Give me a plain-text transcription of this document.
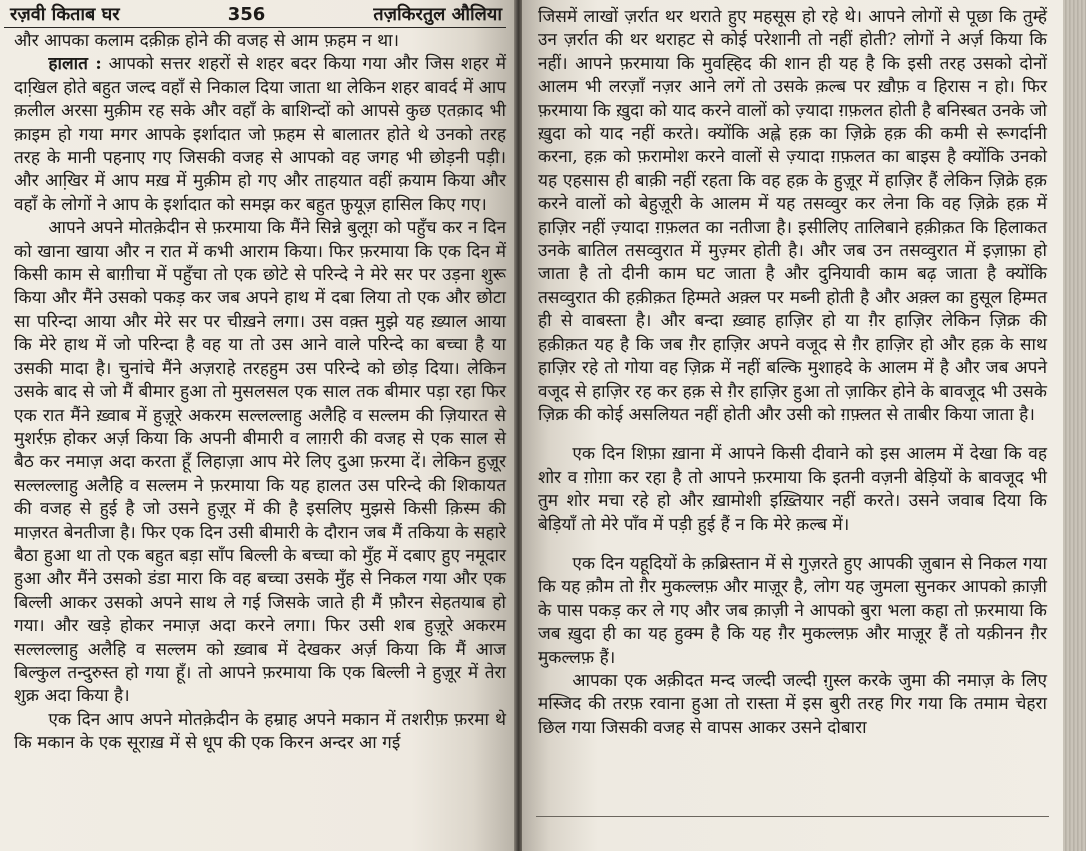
रज़वी किताब घर	356	तज़किरतुल औलिया

और आपका कलाम दक़ीक़ होने की वजह से आम फ़हम न था।

हालात : आपको सत्तर शहरों से शहर बदर किया गया और जिस शहर में दाखि़ल होते बहुत जल्द वहाँ से निकाल दिया जाता था लेकिन शहर बावर्द में आप क़लील अरसा मुक़ीम रह सके और वहाँ के बाशिन्दों को आपसे कुछ एतक़ाद भी क़ाइम हो गया मगर आपके इर्शादात जो फ़हम से बालातर होते थे उनको तरह तरह के मानी पहनाए गए जिसकी वजह से आपको वह जगह भी छोड़नी पड़ी। और आखि़र में आप मख़ में मुक़ीम हो गए और ताहयात वहीं क़याम किया और वहाँ के लोगों ने आप के इर्शादात को समझ कर बहुत फ़ुयूज़ हासिल किए गए।

आपने अपने मोतक़ेदीन से फ़रमाया कि मैंने सिन्ने बुलूग़ को पहुँच कर न दिन को खाना खाया और न रात में कभी आराम किया। फिर फ़रमाया कि एक दिन में किसी काम से बाग़ीचा में पहुँचा तो एक छोटे से परिन्दे ने मेरे सर पर उड़ना शुरू किया और मैंने उसको पकड़ कर जब अपने हाथ में दबा लिया तो एक और छोटा सा परिन्दा आया और मेरे सर पर चीख़ने लगा। उस वक़्त मुझे यह ख़्याल आया कि मेरे हाथ में जो परिन्दा है वह या तो उस आने वाले परिन्दे का बच्चा है या उसकी मादा है। चुनांचे मैंने अज़राहे तरहहुम उस परिन्दे को छोड़ दिया। लेकिन उसके बाद से जो मैं बीमार हुआ तो मुसलसल एक साल तक बीमार पड़ा रहा फिर एक रात मैंने ख़्वाब में हुज़ूरे अकरम सल्लल्लाहु अलैहि व सल्लम की ज़ियारत से मुशर्रफ़ होकर अर्ज़ किया कि अपनी बीमारी व लाग़री की वजह से एक साल से बैठ कर नमाज़ अदा करता हूँ लिहाज़ा आप मेरे लिए दुआ फ़रमा दें। लेकिन हुज़ूर सल्लल्लाहु अलैहि व सल्लम ने फ़रमाया कि यह हालत उस परिन्दे की शिकायत की वजह से हुई है जो उसने हुज़ूर में की है इसलिए मुझसे किसी क़िस्म की माज़रत बेनतीजा है। फिर एक दिन उसी बीमारी के दौरान जब मैं तकिया के सहारे बैठा हुआ था तो एक बहुत बड़ा साँप बिल्ली के बच्चा को मुँह में दबाए हुए नमूदार हुआ और मैंने उसको डंडा मारा कि वह बच्चा उसके मुँह से निकल गया और एक बिल्ली आकर उसको अपने साथ ले गई जिसके जाते ही मैं फ़ौरन सेहतयाब हो गया। और खड़े होकर नमाज़ अदा करने लगा। फिर उसी शब हुज़ूरे अकरम सल्लल्लाहु अलैहि व सल्लम को ख़्वाब में देखकर अर्ज़ किया कि मैं आज बिल्कुल तन्दुरुस्त हो गया हूँ। तो आपने फ़रमाया कि एक बिल्ली ने हुज़ूर में तेरा शुक्र अदा किया है।

एक दिन आप अपने मोतक़ेदीन के हम्राह अपने मकान में तशरीफ़ फ़रमा थे कि मकान के एक सूराख़ में से धूप की एक किरन अन्दर आ गई

जिसमें लाखों ज़र्रात थर थराते हुए महसूस हो रहे थे। आपने लोगों से पूछा कि तुम्हें उन ज़र्रात की थर थराहट से कोई परेशानी तो नहीं होती? लोगों ने अर्ज़ किया कि नहीं। आपने फ़रमाया कि मुवह्हिद की शान ही यह है कि इसी तरह उसको दोनों आलम भी लरज़ाँ नज़र आने लगें तो उसके क़ल्ब पर ख़ौफ़ व हिरास न हो। फिर फ़रमाया कि ख़ुदा को याद करने वालों को ज़्यादा ग़फ़लत होती है बनिस्बत उनके जो ख़ुदा को याद नहीं करते। क्योंकि अह्ले हक़ का ज़िक्रे हक़ की कमी से रूगर्दानी करना, हक़ को फ़रामोश करने वालों से ज़्यादा ग़फ़लत का बाइस है क्योंकि उनको यह एहसास ही बाक़ी नहीं रहता कि वह हक़ के हुज़ूर में हाज़िर हैं लेकिन ज़िक्रे हक़ करने वालों को बेहुज़ूरी के आलम में यह तसव्वुर कर लेना कि वह ज़िक्रे हक़ में हाज़िर नहीं ज़्यादा ग़फ़लत का नतीजा है। इसीलिए तालिबाने हक़ीक़त कि हिलाकत उनके बातिल तसव्वुरात में मुज़्मर होती है। और जब उन तसव्वुरात में इज़ाफ़ा हो जाता है तो दीनी काम घट जाता है और दुनियावी काम बढ़ जाता है क्योंकि तसव्वुरात की हक़ीक़त हिम्मते अक़्ल पर मब्नी होती है और अक़्ल का हुसूल हिम्मत ही से वाबस्ता है। और बन्दा ख़्वाह हाज़िर हो या ग़ैर हाज़िर लेकिन ज़िक्र की हक़ीक़त यह है कि जब ग़ैर हाज़िर अपने वजूद से ग़ैर हाज़िर हो और हक़ के साथ हाज़िर रहे तो गोया वह ज़िक्र में नहीं बल्कि मुशाहदे के आलम में है और जब अपने वजूद से हाज़िर रह कर हक़ से ग़ैर हाज़िर हुआ तो ज़ाकिर होने के बावजूद भी उसके ज़िक्र की कोई असलियत नहीं होती और उसी को ग़फ़्लत से ताबीर किया जाता है।

एक दिन शिफ़ा ख़ाना में आपने किसी दीवाने को इस आलम में देखा कि वह शोर व ग़ोग़ा कर रहा है तो आपने फ़रमाया कि इतनी वज़नी बेड़ियों के बावजूद भी तुम शोर मचा रहे हो और ख़ामोशी इख़्तियार नहीं करते। उसने जवाब दिया कि बेड़ियाँ तो मेरे पाँव में पड़ी हुई हैं न कि मेरे क़ल्ब में।

एक दिन यहूदियों के क़ब्रिस्तान में से गुज़रते हुए आपकी ज़ुबान से निकल गया कि यह क़ौम तो ग़ैर मुकल्लफ़ और माज़ूर है, लोग यह जुमला सुनकर आपको क़ाज़ी के पास पकड़ कर ले गए और जब क़ाज़ी ने आपको बुरा भला कहा तो फ़रमाया कि जब ख़ुदा ही का यह हुक्म है कि यह ग़ैर मुकल्लफ़ और माज़ूर हैं तो यक़ीनन ग़ैर मुकल्लफ़ हैं।

आपका एक अक़ीदत मन्द जल्दी जल्दी ग़ुस्ल करके जुमा की नमाज़ के लिए मस्जिद की तरफ़ रवाना हुआ तो रास्ता में इस बुरी तरह गिर गया कि तमाम चेहरा छिल गया जिसकी वजह से वापस आकर उसने दोबारा
